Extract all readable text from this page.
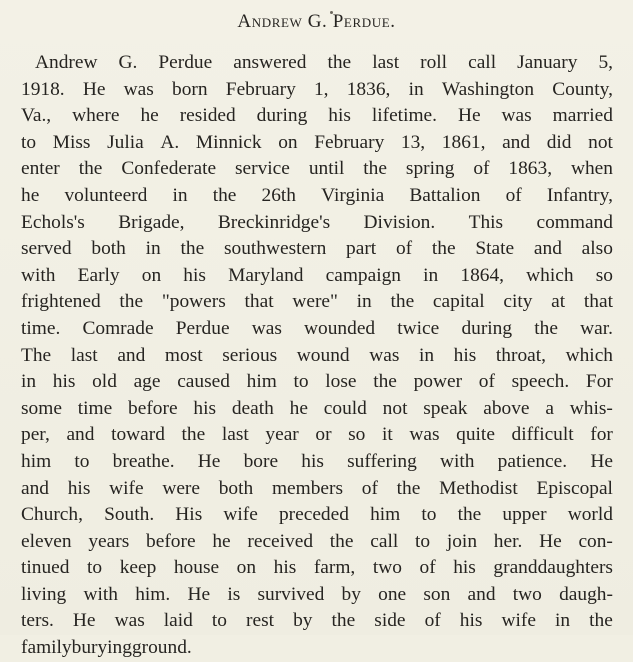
Andrew G. Perdue.
Andrew G. Perdue answered the last roll call January 5,
1918. He was born February 1, 1836, in Washington County,
Va., where he resided during his lifetime. He was married
to Miss Julia A. Minnick on February 13, 1861, and did not
enter the Confederate service until the spring of 1863, when
he volunteerd in the 26th Virginia Battalion of Infantry,
Echols's Brigade, Breckinridge's Division. This command
served both in the southwestern part of the State and also
with Early on his Maryland campaign in 1864, which so
frightened the "powers that were" in the capital city at that
time. Comrade Perdue was wounded twice during the war.
The last and most serious wound was in his throat, which
in his old age caused him to lose the power of speech. For
some time before his death he could not speak above a whis-
per, and toward the last year or so it was quite difficult for
him to breathe. He bore his suffering with patience. He
and his wife were both members of the Methodist Episcopal
Church, South. His wife preceded him to the upper world
eleven years before he received the call to join her. He con-
tinued to keep house on his farm, two of his granddaughters
living with him. He is survived by one son and two daugh-
ters. He was laid to rest by the side of his wife in the
family burying ground.
